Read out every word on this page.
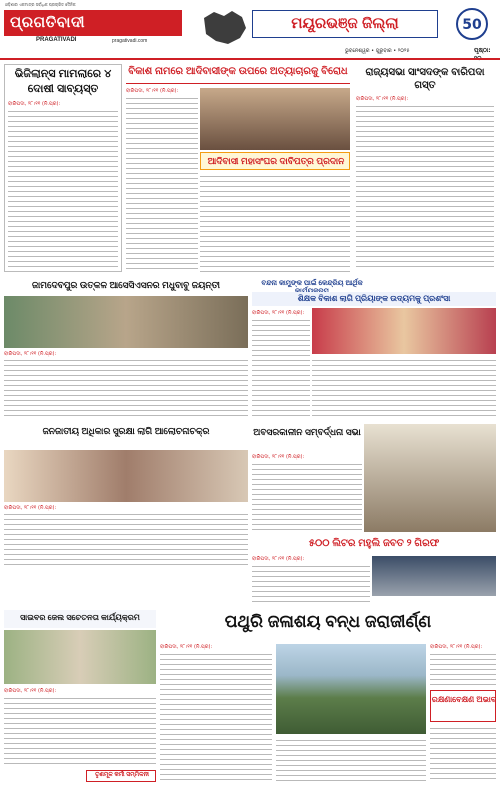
ଓଡ଼ିଶାର ଏକମାତ୍ର ସର୍ବାଧିକ ପ୍ରଚାରିତ ଦୈନିକ
ପ୍ରଗତିବାଦୀ
PRAGATIVADI	pragativadi.com
ମୟୂରଭଞ୍ଜ ଜିଲ୍ଲା	50
ଭୁବନେଶ୍ୱର • ଗୁରୁବାର • ୨୦୨୫	ପୃଷ୍ଠା:
ଭିଜିଲାନ୍ସ ମାମଲାରେ ୪ ଦୋଷୀ ସାବ୍ୟସ୍ତ
ବାରିପଦା, ୨୮।୧୧ (ନି.ପ୍ର):
ବିକାଶ ନାମରେ ଆଦିବାସୀଙ୍କ ଉପରେ ଅତ୍ୟାଚାରକୁ ବିରୋଧ
ବାରିପଦା, ୨୮।୧୧ (ନି.ପ୍ର):
ଆଦିବାସୀ ମହାସଂଘର ଦାବିପତ୍ର ପ୍ରଦାନ
ରାଜ୍ୟସଭା ସାଂସଦଙ୍କ ବାରିପଦା ଗସ୍ତ
ବାରିପଦା, ୨୮।୧୧ (ନି.ପ୍ର):
ଜାମଦେବପୁର ଉତ୍କଳ ଆସେସିଏସନର ମଧୁବାବୁ ଜୟନ୍ତୀ
ବାରିପଦା, ୨୮।୧୧ (ନି.ପ୍ର):
ବନ୍ଦନା କାମୁଙ୍କ ପାଇଁ କେନ୍ଦ୍ରିୟ ଆର୍ଥିକ
ଶିକ୍ଷକ ବିକାଶ ଲାଗି ପ୍ରିୟାଙ୍କ ଉଦ୍ୟମକୁ ପ୍ରଶଂସା
ବାରିପଦା, ୨୮।୧୧ (ନି.ପ୍ର):
ଜନଜାତୀୟ ଅଧିକାର ସୁରକ୍ଷା ଲାଗି ଆଲୋଚନାଚକ୍ର
ବାରିପଦା, ୨୮।୧୧ (ନି.ପ୍ର):
ଅବସରକାଳୀନ ସମ୍ବର୍ଦ୍ଧନା ସଭା
ବାରିପଦା, ୨୮।୧୧ (ନି.ପ୍ର):
୫୦୦ ଲିଟର ମହୁଲି ଜବତ ୨ ଗିରଫ
ବାରିପଦା, ୨୮।୧୧ (ନି.ପ୍ର):
ସାଇବର ଜେଲ ସଚେତନତା କାର୍ଯ୍ୟକ୍ରମ
ବାରିପଦା, ୨୮।୧୧ (ନି.ପ୍ର):
ତୃଣମୂଳ କର୍ମୀ ସମ୍ମିଳନୀ
ପଥୁରି ଜଳାଶୟ ବନ୍ଧ ଜରାଜୀର୍ଣ୍ଣ
ବାରିପଦା, ୨୮।୧୧ (ନି.ପ୍ର):
ରକ୍ଷଣାବେକ୍ଷଣ ଅଭାବ
ବାରିପଦା, ୨୮।୧୧ (ନି.ପ୍ର):
